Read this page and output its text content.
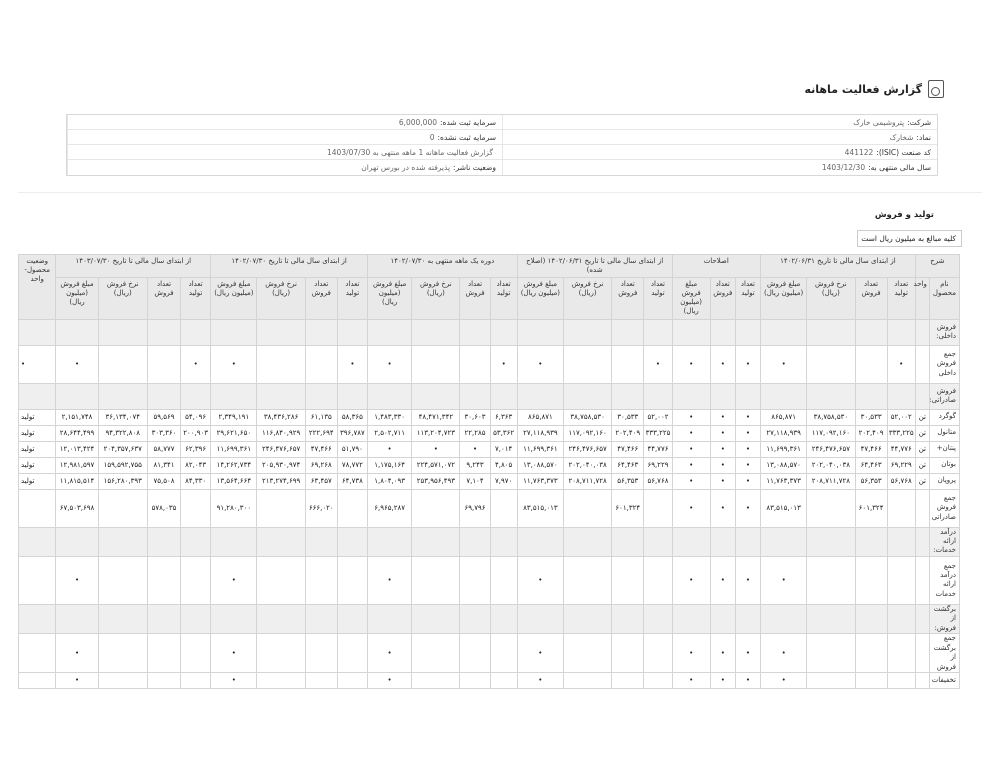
گزارش فعالیت ماهانه
شرکت:
پتروشیمی خارک
سرمایه ثبت شده:
6,000,000
نماد:
شخارک
سرمایه ثبت نشده:
0
کد صنعت (ISIC):
441122
گزارش فعالیت ماهانه 1 ماهه منتهی به 1403/07/30
سال مالی منتهی به:
1403/12/30
وضعیت ناشر:
پذیرفته شده در بورس تهران
تولید و فروش
کلیه مبالغ به میلیون ریال است
شرح		از ابتدای سال مالی تا تاریخ ۱۴۰۲/۰۶/۳۱				اصلاحات			از ابتدای سال مالی تا تاریخ ۱۴۰۲/۰۶/۳۱ (اصلاح شده)				دوره یک ماهه منتهی به ۱۴۰۲/۰۷/۳۰				از ابتدای سال مالی تا تاریخ ۱۴۰۲/۰۷/۳۰				از ابتدای سال مالی تا تاریخ ۱۴۰۳/۰۷/۳۰				وضعیت محصول- واحد
نام محصول	واحد	تعداد تولید	تعداد فروش	نرخ فروش (ریال)	مبلغ فروش (میلیون ریال)	تعداد تولید	تعداد فروش	مبلغ فروش (میلیون ریال)	تعداد تولید	تعداد فروش	نرخ فروش (ریال)	مبلغ فروش (میلیون ریال)	تعداد تولید	تعداد فروش	نرخ فروش (ریال)	مبلغ فروش (میلیون ریال)	تعداد تولید	تعداد فروش	نرخ فروش (ریال)	مبلغ فروش (میلیون ریال)	تعداد تولید	تعداد فروش	نرخ فروش (ریال)	مبلغ فروش (میلیون ریال)	
فروش داخلی:																									
جمع فروش داخلی		•			•	•	•	•	•			•	•			•	•			•	•			•	•
فروش صادراتی:																									
گوگرد	تن	۵۲,۰۰۲	۳۰,۵۳۳	۳۸,۷۵۸,۵۳۰	۸۶۵,۸۷۱	•	•	•	۵۲,۰۰۲	۳۰,۵۳۳	۳۸,۷۵۸,۵۳۰	۸۶۵,۸۷۱	۶,۳۶۳	۳۰,۶۰۳	۴۸,۴۷۱,۳۴۲	۱,۴۸۳,۳۳۰	۵۸,۳۶۵	۶۱,۱۳۵	۳۸,۴۳۶,۲۸۶	۲,۳۴۹,۱۹۱	۵۴,۰۹۶	۵۹,۵۶۹	۳۶,۱۳۴,۰۷۴	۲,۱۵۱,۷۴۸	تولید
متانول	تن	۳۳۳,۲۲۵	۲۰۲,۴۰۹	۱۱۷,۰۹۲,۱۶۰	۲۷,۱۱۸,۹۳۹	•	•	•	۳۳۳,۲۲۵	۲۰۲,۴۰۹	۱۱۷,۰۹۲,۱۶۰	۲۷,۱۱۸,۹۳۹	۵۳,۳۶۲	۲۲,۲۸۵	۱۱۳,۲۰۴,۷۲۳	۲,۵۰۲,۷۱۱	۳۹۶,۷۸۷	۲۲۲,۶۹۴	۱۱۶,۸۴۰,۹۲۹	۲۹,۶۲۱,۶۵۰	۲۰۰,۹۰۳	۳۰۳,۳۶۰	۹۴,۳۲۲,۸۰۸	۲۸,۶۴۴,۴۹۹	تولید
پنتان+	تن	۴۴,۷۷۶	۴۷,۴۶۶	۲۴۶,۴۷۶,۶۵۷	۱۱,۶۹۹,۳۶۱	•	•	•	۴۴,۷۷۶	۴۷,۴۶۶	۲۴۶,۴۷۶,۶۵۷	۱۱,۶۹۹,۳۶۱	۷,۰۱۴	•	•	•	۵۱,۷۹۰	۴۷,۴۶۶	۲۴۶,۴۷۶,۶۵۷	۱۱,۶۹۹,۳۶۱	۶۲,۳۹۶	۵۸,۷۷۷	۲۰۴,۳۵۷,۶۳۷	۱۲,۰۱۳,۴۲۴	تولید
بوتان	تن	۶۹,۲۲۹	۶۴,۴۶۳	۲۰۲,۰۴۰,۰۳۸	۱۳,۰۸۸,۵۷۰	•	•	•	۶۹,۲۲۹	۶۴,۴۶۳	۲۰۲,۰۴۰,۰۳۸	۱۳,۰۸۸,۵۷۰	۴,۸۰۵	۹,۲۴۳	۲۲۴,۵۷۱,۰۷۲	۱,۱۷۵,۱۶۴	۷۸,۷۷۲	۶۹,۲۶۸	۲۰۵,۹۳۰,۹۷۴	۱۴,۲۶۲,۷۳۴	۸۲,۰۴۳	۸۱,۳۴۱	۱۵۹,۵۹۲,۷۵۵	۱۲,۹۸۱,۵۹۷	تولید
پروپان	تن	۵۶,۷۶۸	۵۶,۳۵۳	۲۰۸,۷۱۱,۷۲۸	۱۱,۷۶۳,۳۷۳	•	•	•	۵۶,۷۶۸	۵۶,۳۵۳	۲۰۸,۷۱۱,۷۲۸	۱۱,۷۶۳,۳۷۳	۷,۹۷۰	۷,۱۰۴	۲۵۳,۹۵۶,۴۹۳	۱,۸۰۴,۰۹۳	۶۴,۷۳۸	۶۳,۴۵۷	۲۱۳,۲۷۴,۶۹۹	۱۳,۵۶۴,۶۶۴	۸۴,۳۳۰	۷۵,۵۰۸	۱۵۶,۲۸۰,۳۹۳	۱۱,۸۱۵,۵۱۴	تولید
جمع فروش صادراتی			۶۰۱,۳۲۴		۸۳,۵۱۵,۰۱۳	•	•	•		۶۰۱,۳۲۴		۸۳,۵۱۵,۰۱۳		۶۹,۷۹۶		۶,۹۶۵,۲۸۷		۶۶۶,۰۲۰		۹۱,۲۸۰,۳۰۰		۵۷۸,۰۳۵		۶۷,۵۰۳,۶۹۸	
درآمد ارائه خدمات:																									
جمع درآمد ارائه خدمات					•	•	•	•				•				•				•				•	
برگشت از فروش:																									
جمع برگشت از فروش					•	•	•	•				•				•				•				•	
تخفیفات					•	•	•	•				•				•				•				•	
